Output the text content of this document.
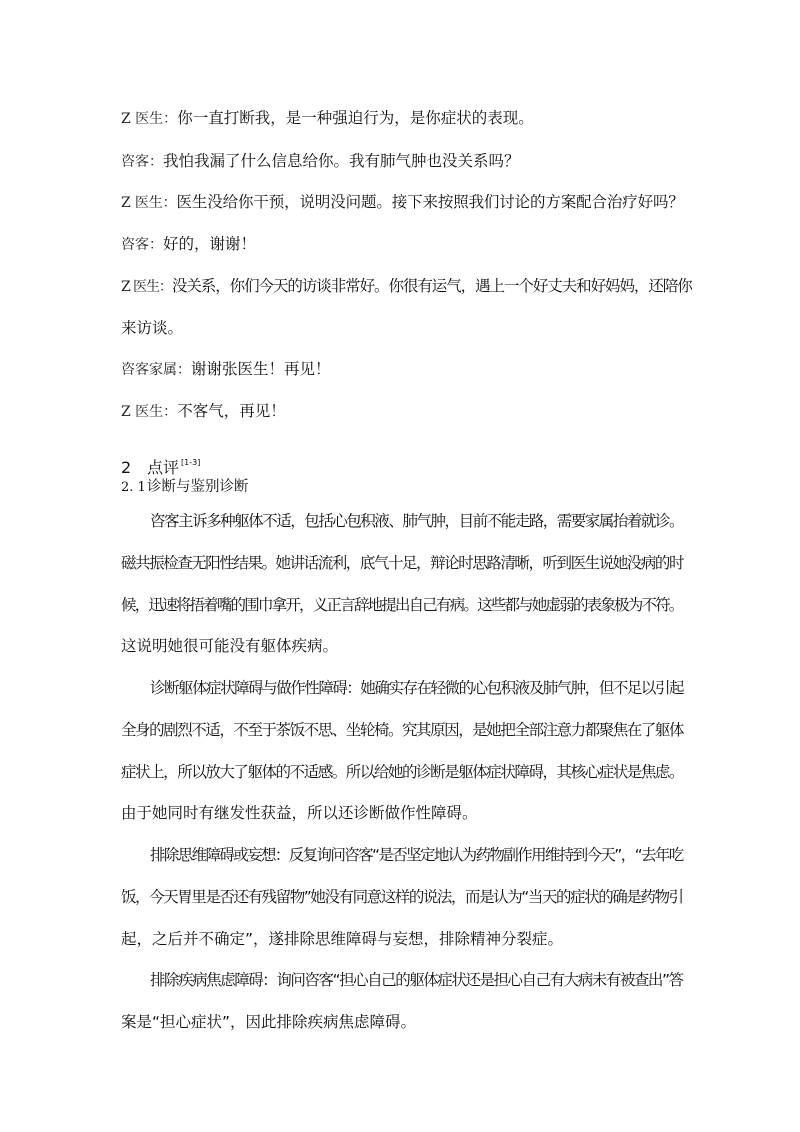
Z 医生：你一直打断我，是一种强迫行为，是你症状的表现。
咨客：我怕我漏了什么信息给你。我有肺气肿也没关系吗？
Z 医生：医生没给你干预，说明没问题。接下来按照我们讨论的方案配合治疗好吗？
咨客：好的，谢谢！
Z 医生：没关系，你们今天的访谈非常好。你很有运气，遇上一个好丈夫和好妈妈，还陪你
来访谈。
咨客家属：谢谢张医生！再见！
Z 医生：不客气，再见！
2 点评 [1-3]
2. 1诊断与鉴别诊断
咨客主诉多种躯体不适，包括心包积液、肺气肿，目前不能走路，需要家属抬着就诊。
磁共振检查无阳性结果。她讲话流利，底气十足，辩论时思路清晰，听到医生说她没病的时
候，迅速将捂着嘴的围巾拿开，义正言辞地提出自己有病。这些都与她虚弱的表象极为不符。
这说明她很可能没有躯体疾病。
诊断躯体症状障碍与做作性障碍：她确实存在轻微的心包积液及肺气肿，但不足以引起
全身的剧烈不适，不至于茶饭不思、坐轮椅。究其原因，是她把全部注意力都聚焦在了躯体
症状上，所以放大了躯体的不适感。所以给她的诊断是躯体症状障碍，其核心症状是焦虑。
由于她同时有继发性获益，所以还诊断做作性障碍。
排除思维障碍或妄想：反复询问咨客“是否坚定地认为药物副作用维持到今天”，“去年吃
饭，今天胃里是否还有残留物”她没有同意这样的说法，而是认为“当天的症状的确是药物引
起，之后并不确定”，遂排除思维障碍与妄想，排除精神分裂症。
排除疾病焦虑障碍：询问咨客“担心自己的躯体症状还是担心自己有大病未有被查出”答
案是“担心症状”，因此排除疾病焦虑障碍。
